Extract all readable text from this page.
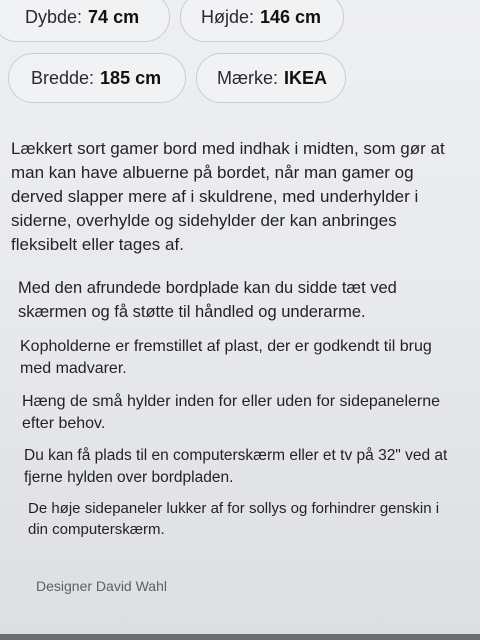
Dybde: 74 cm	Højde: 146 cm
Bredde: 185 cm	Mærke: IKEA

Lækkert sort gamer bord med indhak i midten, som gør at man kan have albuerne på bordet, når man gamer og derved slapper mere af i skuldrene, med underhylder i siderne, overhylde og sidehylder der kan anbringes fleksibelt eller tages af.

Med den afrundede bordplade kan du sidde tæt ved skærmen og få støtte til håndled og underarme.

Kopholderne er fremstillet af plast, der er godkendt til brug med madvarer.

Hæng de små hylder inden for eller uden for sidepanelerne efter behov.

Du kan få plads til en computerskærm eller et tv på 32" ved at fjerne hylden over bordpladen.

De høje sidepaneler lukker af for sollys og forhindrer genskin i din computerskærm.

Designer David Wahl
